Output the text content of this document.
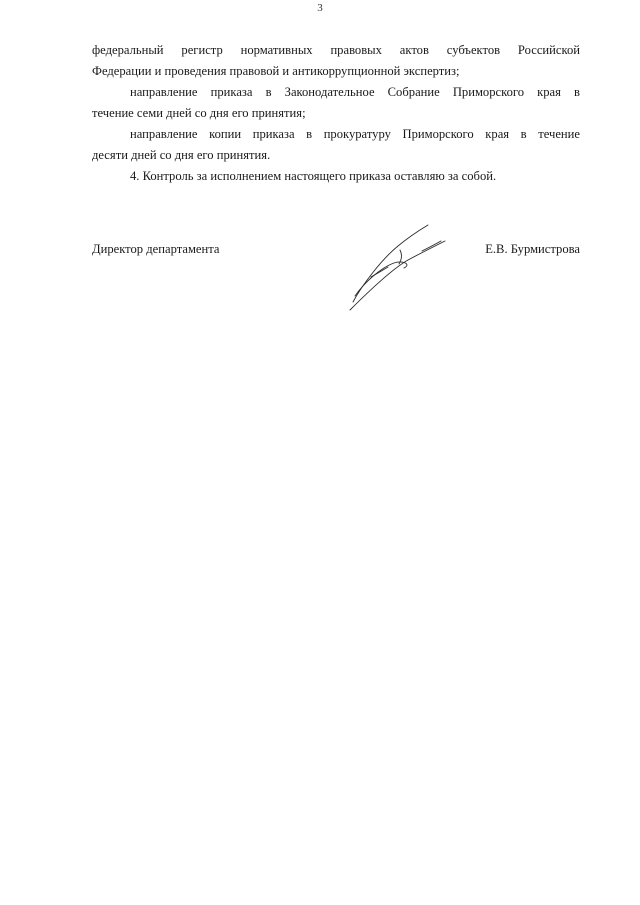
3
федеральный регистр нормативных правовых актов субъектов Российской
Федерации и проведения правовой и антикоррупционной экспертиз;
направление приказа в Законодательное Собрание Приморского края в
течение семи дней со дня его принятия;
направление копии приказа в прокуратуру Приморского края в течение
десяти дней со дня его принятия.
4. Контроль за исполнением настоящего приказа оставляю за собой.
Директор департамента	Е.В. Бурмистрова
